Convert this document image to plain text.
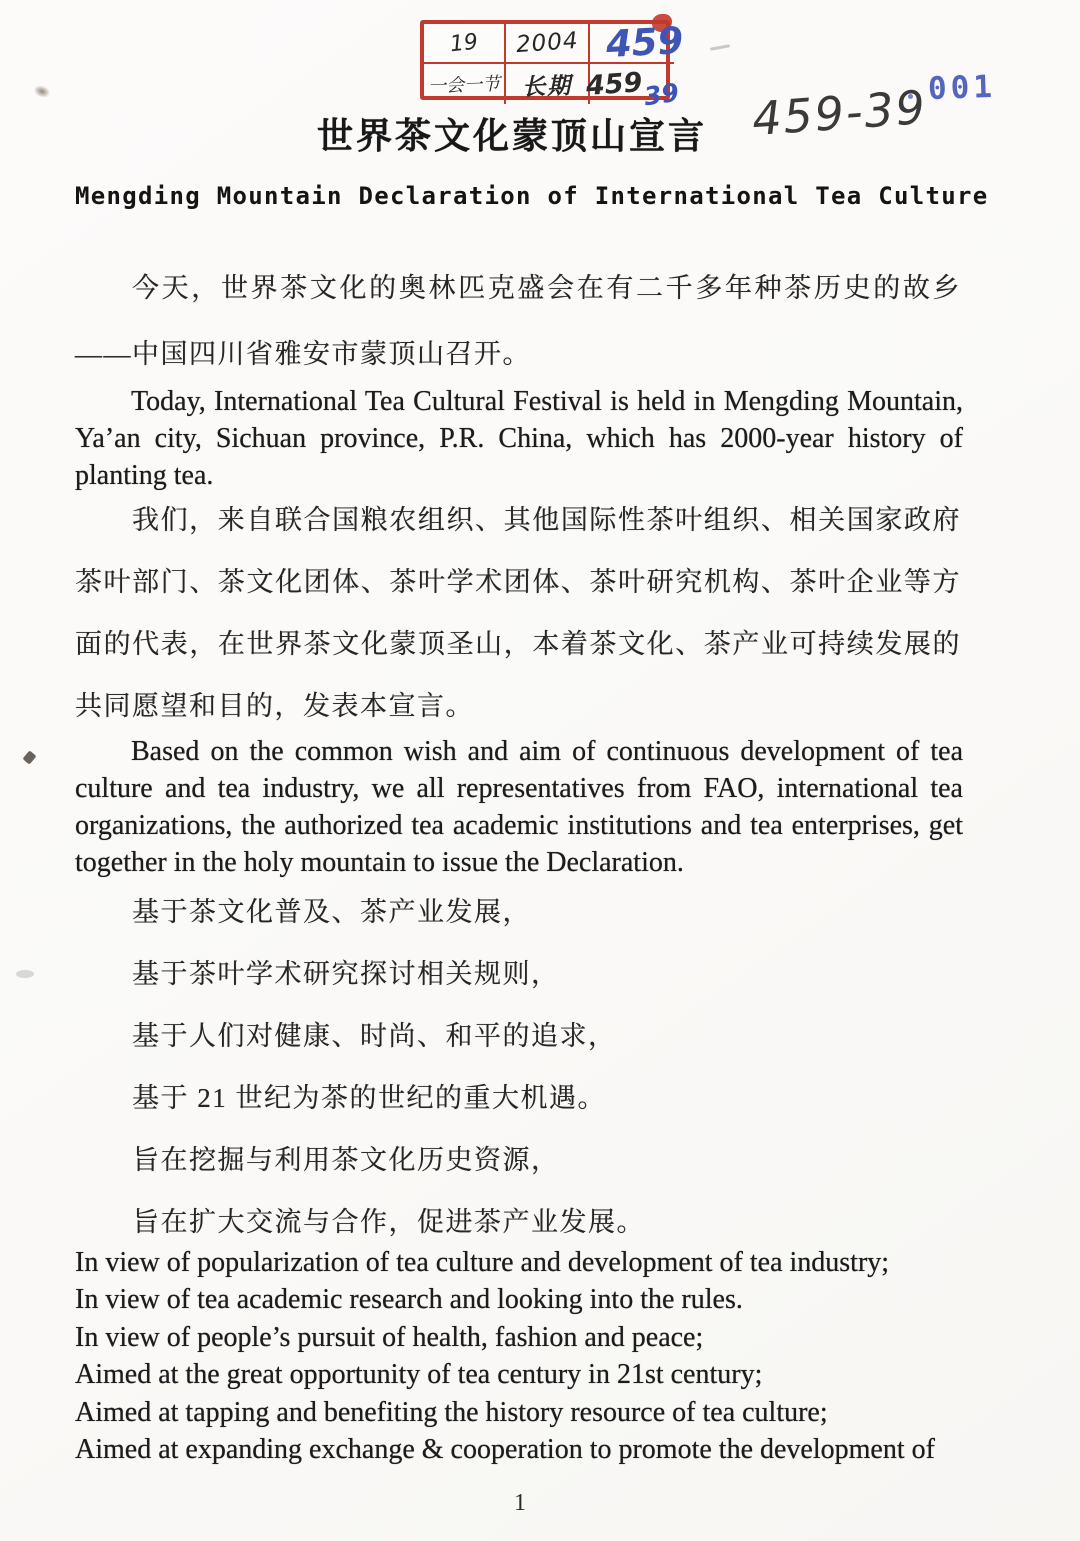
19 2004 459
一会一节 长期 459
39	001
世界茶文化蒙顶山宣言 459-39
Mengding Mountain Declaration of International Tea Culture
今天，世界茶文化的奥林匹克盛会在有二千多年种茶历史的故乡——中国四川省雅安市蒙顶山召开。
Today, International Tea Cultural Festival is held in Mengding Mountain, Ya’an city, Sichuan province, P.R. China, which has 2000-year history of planting tea.
我们，来自联合国粮农组织、其他国际性茶叶组织、相关国家政府茶叶部门、茶文化团体、茶叶学术团体、茶叶研究机构、茶叶企业等方面的代表，在世界茶文化蒙顶圣山，本着茶文化、茶产业可持续发展的共同愿望和目的，发表本宣言。
Based on the common wish and aim of continuous development of tea culture and tea industry, we all representatives from FAO, international tea organizations, the authorized tea academic institutions and tea enterprises, get together in the holy mountain to issue the Declaration.
基于茶文化普及、茶产业发展，
基于茶叶学术研究探讨相关规则，
基于人们对健康、时尚、和平的追求，
基于 21 世纪为茶的世纪的重大机遇。
旨在挖掘与利用茶文化历史资源，
旨在扩大交流与合作，促进茶产业发展。
In view of popularization of tea culture and development of tea industry;
In view of tea academic research and looking into the rules.
In view of people’s pursuit of health, fashion and peace;
Aimed at the great opportunity of tea century in 21st century;
Aimed at tapping and benefiting the history resource of tea culture;
Aimed at expanding exchange & cooperation to promote the development of
1
